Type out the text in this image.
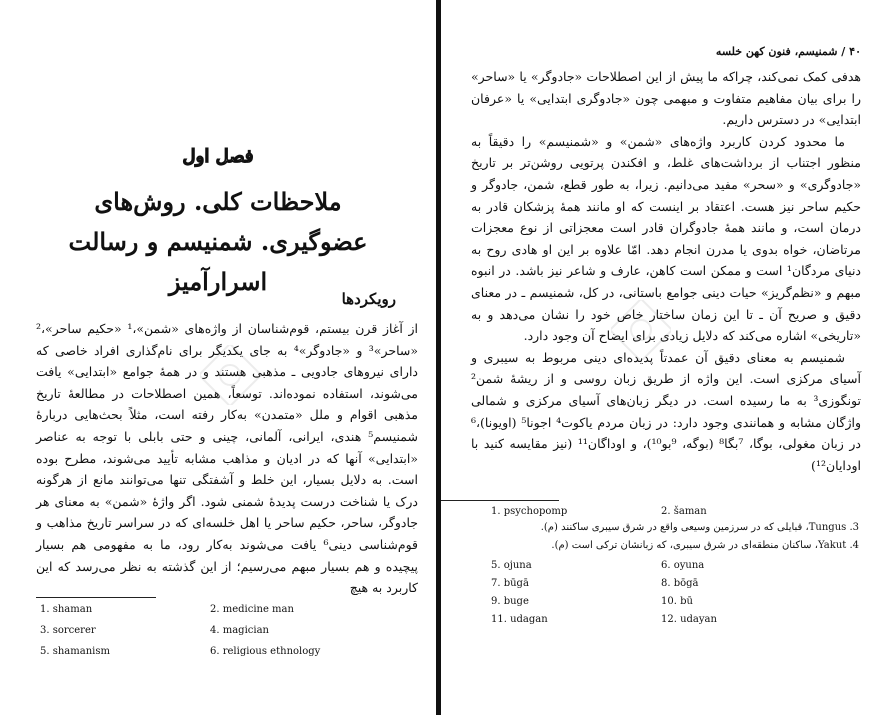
فصل اول
ملاحظات کلی. روش‌های
عضوگیری. شمنیسم و رسالت اسرارآمیز
رویکردها

از آغاز قرن بیستم، قوم‌شناسان از واژه‌های «شمن»،¹ «حکیم ساحر»،² «ساحر»³ و «جادوگر»⁴ به جای یکدیگر برای نام‌گذاری افراد خاصی که دارای نیروهای جادویی ـ مذهبی هستند و در همهٔ جوامع «ابتدایی» یافت می‌شوند، استفاده نموده‌اند. توسعاً، همین اصطلاحات در مطالعهٔ تاریخ مذهبی اقوام و ملل «متمدن» به‌کار رفته است، مثلاً بحث‌هایی دربارهٔ شمنیسم⁵ هندی، ایرانی، آلمانی، چینی و حتی بابلی با توجه به عناصر «ابتدایی» آنها که در ادیان و مذاهب مشابه تأیید می‌شوند، مطرح بوده است. به دلایل بسیار، این خلط و آشفتگی تنها می‌توانند مانع از هرگونه درک یا شناخت درست پدیدهٔ شمنی شود. اگر واژهٔ «شمن» به معنای هر جادوگر، ساحر، حکیم ساحر یا اهل خلسه‌ای که در سراسر تاریخ مذاهب و قوم‌شناسی دینی⁶ یافت می‌شوند به‌کار رود، ما به مفهومی هم بسیار پیچیده و هم بسیار مبهم می‌رسیم؛ از این گذشته به نظر می‌رسد که این کاربرد به هیچ

1. shaman	2. medicine man
3. sorcerer	4. magician
5. shamanism	6. religious ethnology
۴۰ / شمنیسم، فنون کهن خلسه

هدفی کمک نمی‌کند، چراکه ما پیش از این اصطلاحات «جادوگر» یا «ساحر» را برای بیان مفاهیم متفاوت و مبهمی چون «جادوگری ابتدایی» یا «عرفان ابتدایی» در دسترس داریم.

ما محدود کردن کاربرد واژه‌های «شمن» و «شمنیسم» را دقیقاً به منظور اجتناب از برداشت‌های غلط، و افکندن پرتویی روشن‌تر بر تاریخ «جادوگری» و «سحر» مفید می‌دانیم. زیرا، به طور قطع، شمن، جادوگر و حکیم ساحر نیز هست. اعتقاد بر اینست که او مانند همهٔ پزشکان قادر به درمان است، و مانند همهٔ جادوگران قادر است معجزاتی از نوع معجزات مرتاضان، خواه بدوی یا مدرن انجام دهد. امّا علاوه بر این او هادی روح به دنیای مردگان¹ است و ممکن است کاهن، عارف و شاعر نیز باشد. در انبوه مبهم و «نظم‌گریز» حیات دینی جوامع باستانی، در کل، شمنیسم ـ در معنای دقیق و صریح آن ـ تا این زمان ساختار خاص خود را نشان می‌دهد و به «تاریخی» اشاره می‌کند که دلایل زیادی برای ایضاح آن وجود دارد.

شمنیسم به معنای دقیق آن عمدتاً پدیده‌ای دینی مربوط به سیبری و آسیای مرکزی است. این واژه از طریق زبان روسی و از ریشهٔ شمن² تونگوزی³ به ما رسیده است. در دیگر زبان‌های آسیای مرکزی و شمالی واژگان مشابه و همانندی وجود دارد: در زبان مردم یاکوت⁴ اجونا⁵ (اویونا)،⁶ در زبان مغولی، بوگا، ⁷بگا⁸ (بوگه، ⁹بو¹⁰)، و اوداگان¹¹ (نیز مقایسه کنید با اودایان¹²)

1. psychopomp	2. šaman
Tungus .3، قبایلی که در سرزمین وسیعی واقع در شرق سیبری ساکنند (م).
Yakut .4، ساکنان منطقه‌ای در شرق سیبری، که زبانشان ترکی است (م).
5. ojuna	6. oyuna
7. būgā	8. bōgā
9. buge	10. bū
11. udagan	12. udayan
